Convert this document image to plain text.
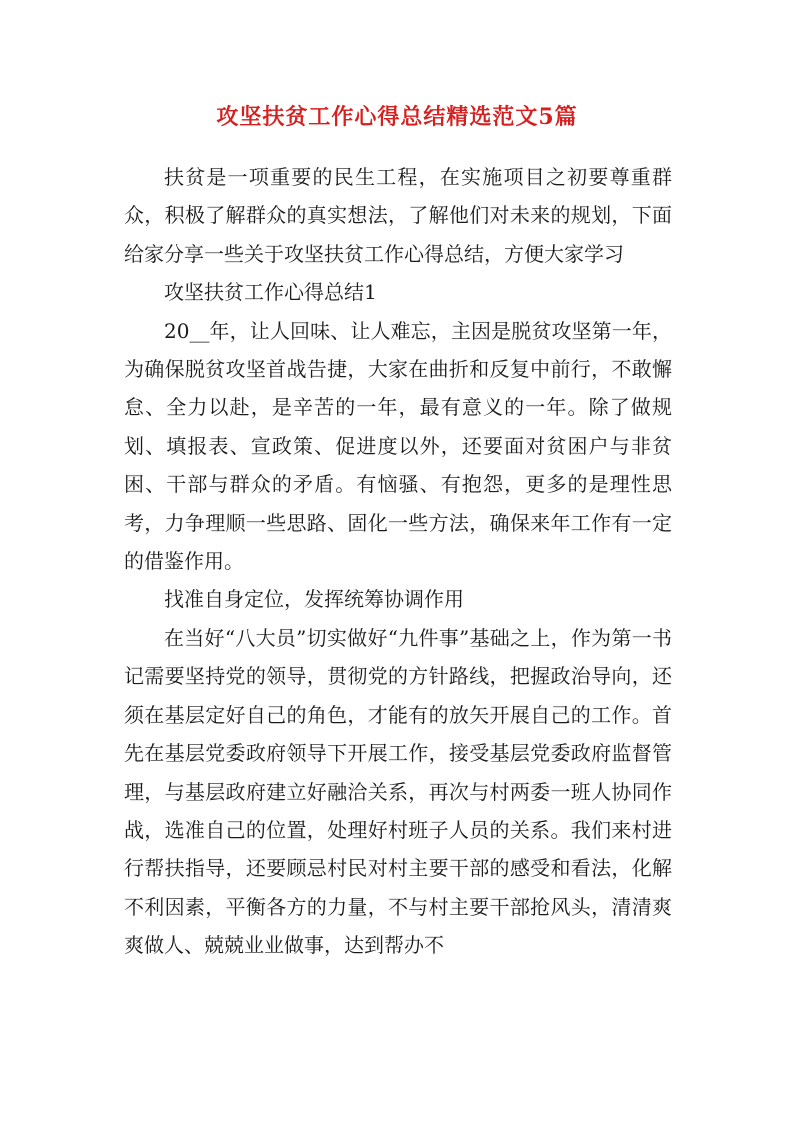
攻坚扶贫工作心得总结精选范文5篇

扶贫是一项重要的民生工程，在实施项目之初要尊重群众，积极了解群众的真实想法，了解他们对未来的规划，下面给家分享一些关于攻坚扶贫工作心得总结，方便大家学习

攻坚扶贫工作心得总结1

20__年，让人回味、让人难忘，主因是脱贫攻坚第一年，为确保脱贫攻坚首战告捷，大家在曲折和反复中前行，不敢懈怠、全力以赴，是辛苦的一年，最有意义的一年。除了做规划、填报表、宣政策、促进度以外，还要面对贫困户与非贫困、干部与群众的矛盾。有恼骚、有抱怨，更多的是理性思考，力争理顺一些思路、固化一些方法，确保来年工作有一定的借鉴作用。

找准自身定位，发挥统筹协调作用

在当好“八大员”切实做好“九件事”基础之上，作为第一书记需要坚持党的领导，贯彻党的方针路线，把握政治导向，还须在基层定好自己的角色，才能有的放矢开展自己的工作。首先在基层党委政府领导下开展工作，接受基层党委政府监督管理，与基层政府建立好融洽关系，再次与村两委一班人协同作战，选准自己的位置，处理好村班子人员的关系。我们来村进行帮扶指导，还要顾忌村民对村主要干部的感受和看法，化解不利因素，平衡各方的力量，不与村主要干部抢风头，清清爽爽做人、兢兢业业做事，达到帮办不
